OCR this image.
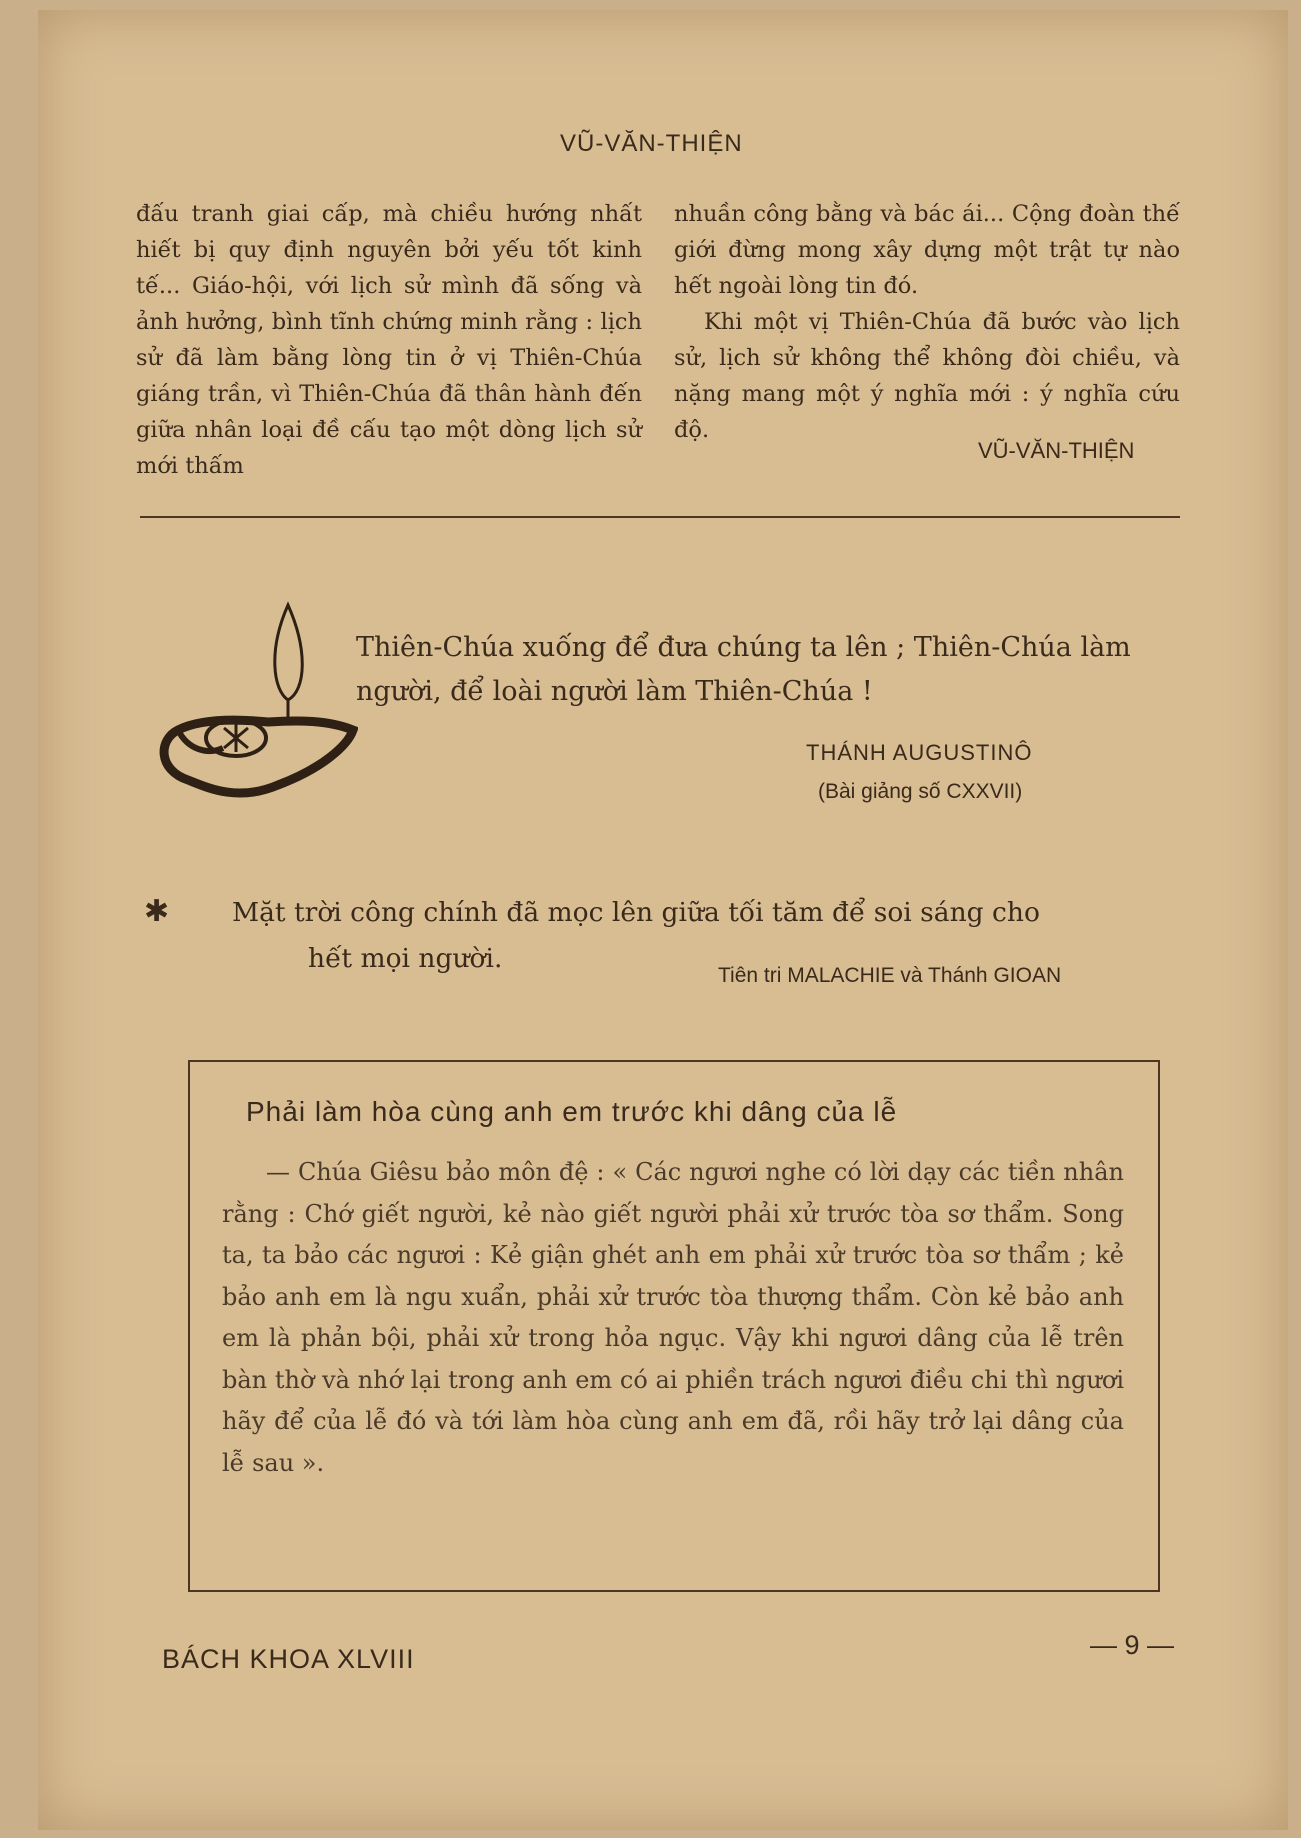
VŨ-VĂN-THIỆN

đấu tranh giai cấp, mà chiều hướng nhất hiết bị quy định nguyên bởi yếu tốt kinh tế... Giáo-hội, với lịch sử mình đã sống và ảnh hưởng, bình tĩnh chứng minh rằng : lịch sử đã làm bằng lòng tin ở vị Thiên-Chúa giáng trần, vì Thiên-Chúa đã thân hành đến giữa nhân loại đề cấu tạo một dòng lịch sử mới thấm

nhuần công bằng và bác ái... Cộng đoàn thế giới đừng mong xây dựng một trật tự nào hết ngoài lòng tin đó.

Khi một vị Thiên-Chúa đã bước vào lịch sử, lịch sử không thể không đòi chiều, và nặng mang một ý nghĩa mới : ý nghĩa cứu độ.

VŨ-VĂN-THIỆN

Thiên-Chúa xuống để đưa chúng ta lên ; Thiên-Chúa làm người, để loài người làm Thiên-Chúa !

THÁNH AUGUSTINÔ
(Bài giảng số CXXVII)
✱ Mặt trời công chính đã mọc lên giữa tối tăm để soi sáng cho

hết mọi người.

Tiên tri MALACHIE và Thánh GIOAN
Phải làm hòa cùng anh em trước khi dâng của lễ

— Chúa Giêsu bảo môn đệ : « Các ngươi nghe có lời dạy các tiền nhân rằng : Chớ giết người, kẻ nào giết người phải xử trước tòa sơ thẩm. Song ta, ta bảo các ngươi : Kẻ giận ghét anh em phải xử trước tòa sơ thẩm ; kẻ bảo anh em là ngu xuẩn, phải xử trước tòa thượng thẩm. Còn kẻ bảo anh em là phản bội, phải xử trong hỏa ngục. Vậy khi ngươi dâng của lễ trên bàn thờ và nhớ lại trong anh em có ai phiền trách ngươi điều chi thì ngươi hãy để của lễ đó và tới làm hòa cùng anh em đã, rồi hãy trở lại dâng của lễ sau ».

BÁCH KHOA XLVIII	— 9 —
